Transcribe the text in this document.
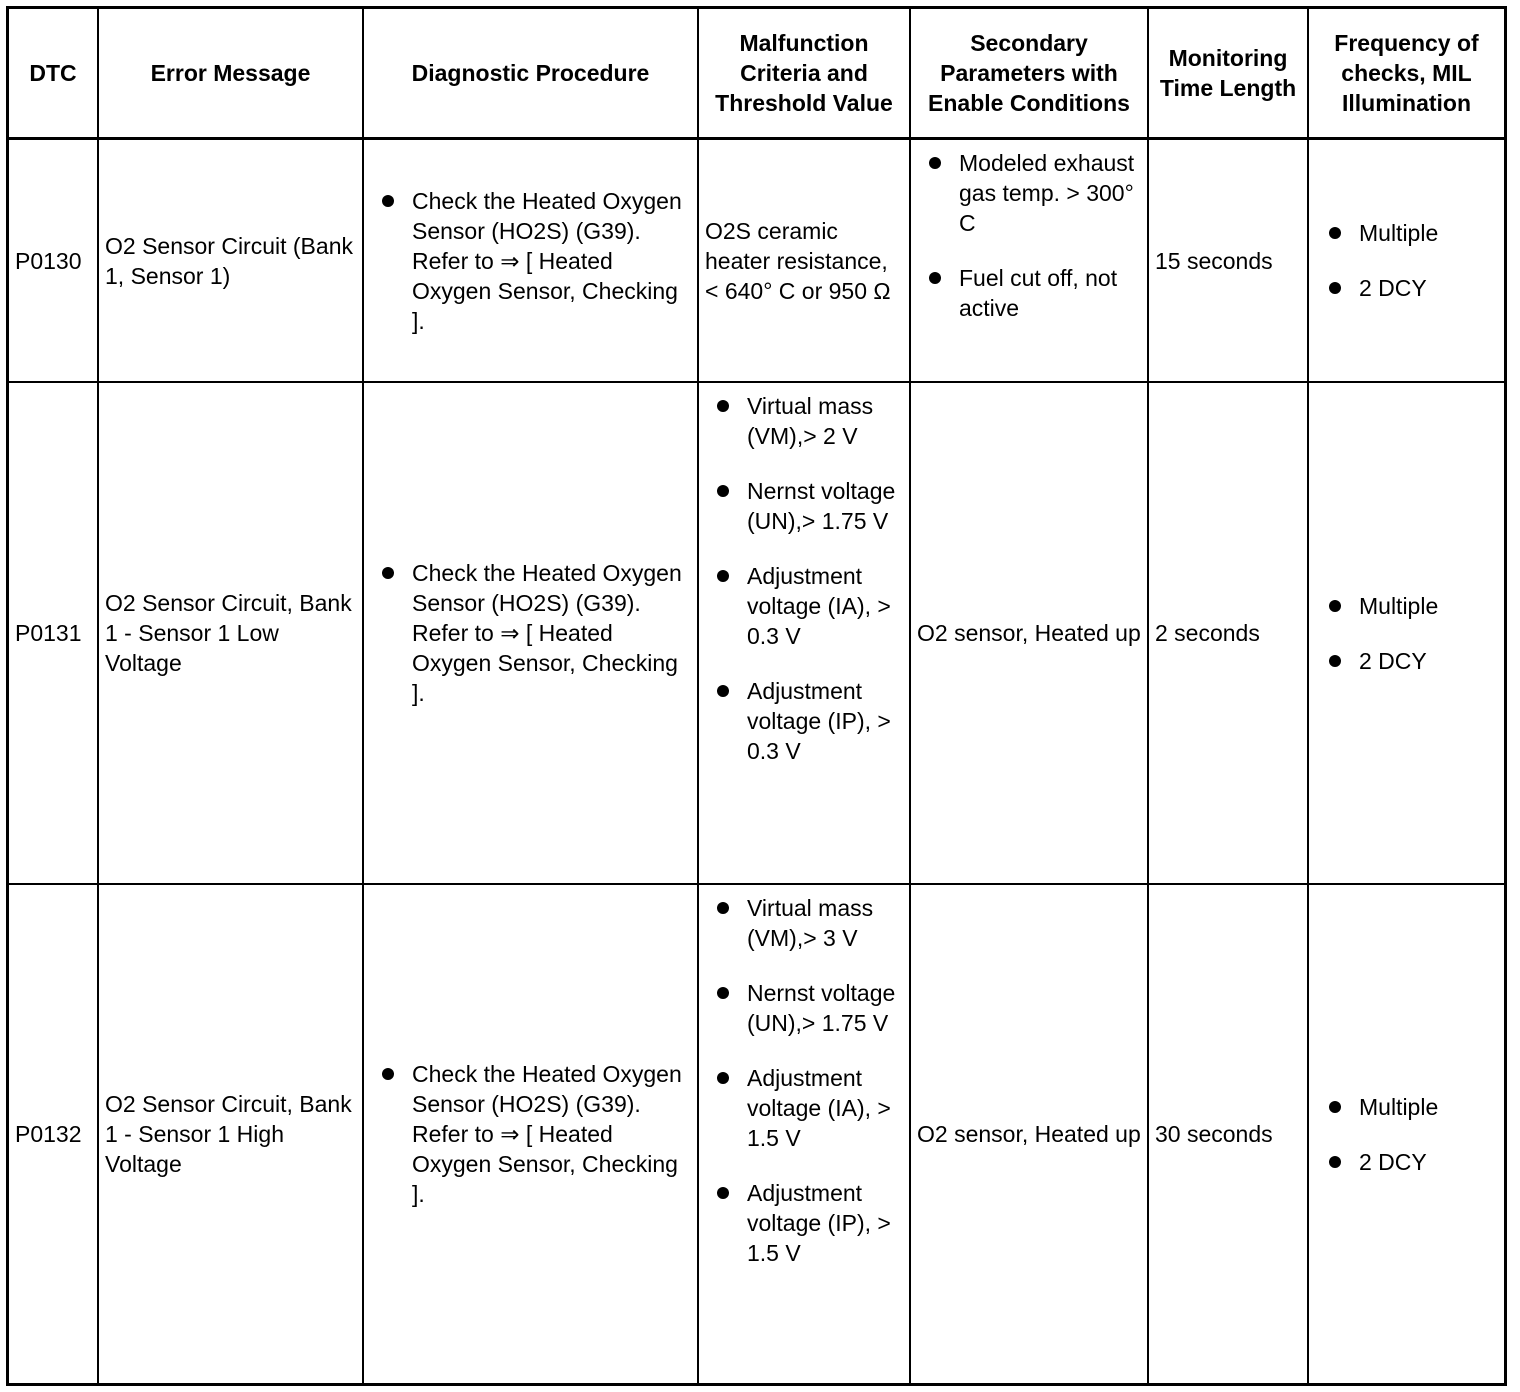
DTC	Error Message	Diagnostic Procedure
Malfunction Criteria and Threshold Value
Secondary Parameters with Enable Conditions
Monitoring Time Length
Frequency of checks, MIL Illumination
P0130
O2 Sensor Circuit (Bank 1, Sensor 1)
Check the Heated Oxygen Sensor (HO2S) (G39). Refer to ⇒ [ Heated Oxygen Sensor, Checking ].
O2S ceramic heater resistance, < 640° C or 950 Ω
Modeled exhaust gas temp. > 300° C
Fuel cut off, not active
15 seconds
Multiple
2 DCY
P0131
O2 Sensor Circuit, Bank 1 - Sensor 1 Low Voltage
Check the Heated Oxygen Sensor (HO2S) (G39). Refer to ⇒ [ Heated Oxygen Sensor, Checking ].
Virtual mass (VM),> 2 V
Nernst voltage (UN),> 1.75 V
Adjustment voltage (IA), > 0.3 V
Adjustment voltage (IP), > 0.3 V
O2 sensor, Heated up 2 seconds
Multiple
2 DCY
P0132
O2 Sensor Circuit, Bank 1 - Sensor 1 High Voltage
Check the Heated Oxygen Sensor (HO2S) (G39). Refer to ⇒ [ Heated Oxygen Sensor, Checking ].
Virtual mass (VM),> 3 V
Nernst voltage (UN),> 1.75 V
Adjustment voltage (IA), > 1.5 V
Adjustment voltage (IP), > 1.5 V
O2 sensor, Heated up 30 seconds
Multiple
2 DCY
